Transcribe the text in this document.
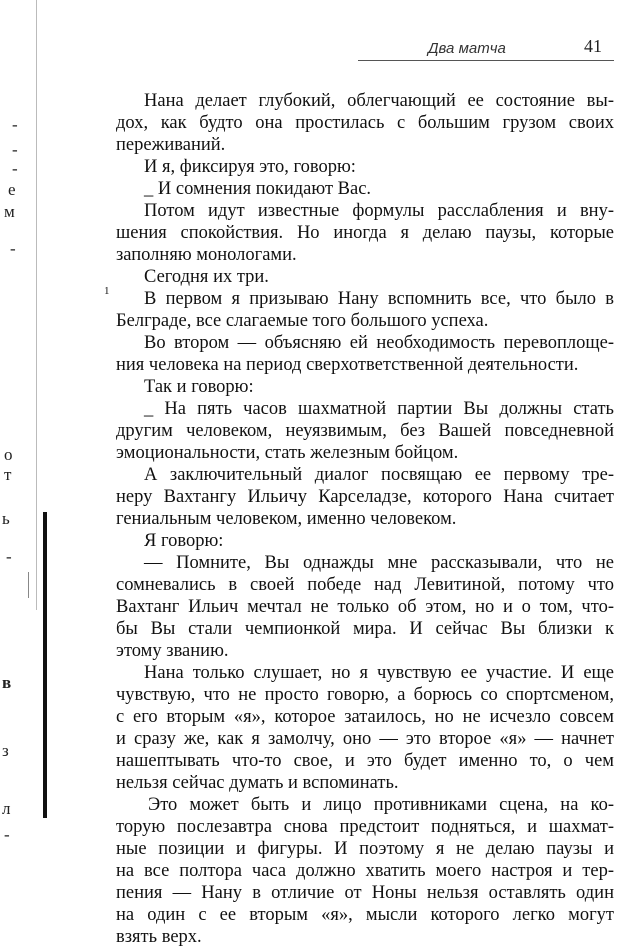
Два матча	41
-
-
-
е
м
-
о
т
ь
-
в
з
л
-

Нана делает глубокий, облегчающий ее состояние вы-
дох, как будто она простилась с большим грузом своих
переживаний.

И я, фиксируя это, говорю:

_ И сомнения покидают Вас.

Потом идут известные формулы расслабления и вну-
шения спокойствия. Но иногда я делаю паузы, которые
заполняю монологами.

Сегодня их три.

1	В первом я призываю Нану вспомнить все, что было в
Белграде, все слагаемые того большого успеха.

Во втором — объясняю ей необходимость перевоплоще-
ния человека на период сверхответственной деятельности.

Так и говорю:

_ На пять часов шахматной партии Вы должны стать
другим человеком, неуязвимым, без Вашей повседневной
эмоциональности, стать железным бойцом.

А заключительный диалог посвящаю ее первому тре-
неру Вахтангу Ильичу Карселадзе, которого Нана считает
гениальным человеком, именно человеком.

Я говорю:

— Помните, Вы однажды мне рассказывали, что не
сомневались в своей победе над Левитиной, потому что
Вахтанг Ильич мечтал не только об этом, но и о том, что-
бы Вы стали чемпионкой мира. И сейчас Вы близки к
этому званию.

Нана только слушает, но я чувствую ее участие. И еще
чувствую, что не просто говорю, а борюсь со спортсменом,
с его вторым «я», которое затаилось, но не исчезло совсем
и сразу же, как я замолчу, оно — это второе «я» — начнет
нашептывать что-то свое, и это будет именно то, о чем
нельзя сейчас думать и вспоминать.

Это может быть и лицо противниками сцена, на ко-
торую послезавтра снова предстоит подняться, и шахмат-
ные позиции и фигуры. И поэтому я не делаю паузы и
на все полтора часа должно хватить моего настроя и тер-
пения — Нану в отличие от Ноны нельзя оставлять один
на один с ее вторым «я», мысли которого легко могут
взять верх.
